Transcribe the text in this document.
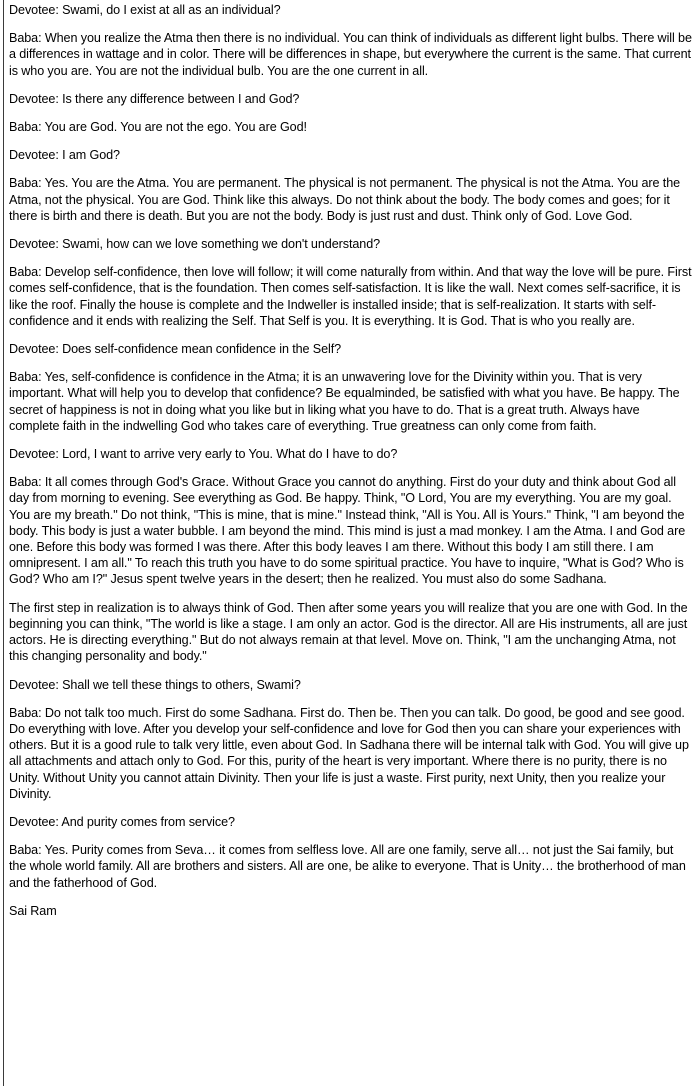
Devotee: Swami, do I exist at all as an individual?

Baba: When you realize the Atma then there is no individual. You can think of individuals as different light bulbs. There will be a differences in wattage and in color. There will be differences in shape, but everywhere the current is the same. That current is who you are. You are not the individual bulb. You are the one current in all.

Devotee: Is there any difference between I and God?

Baba: You are God. You are not the ego. You are God!

Devotee: I am God?

Baba: Yes. You are the Atma. You are permanent. The physical is not permanent. The physical is not the Atma. You are the Atma, not the physical. You are God. Think like this always. Do not think about the body. The body comes and goes; for it there is birth and there is death. But you are not the body. Body is just rust and dust. Think only of God. Love God.

Devotee: Swami, how can we love something we don't understand?

Baba: Develop self-confidence, then love will follow; it will come naturally from within. And that way the love will be pure. First comes self-confidence, that is the foundation. Then comes self-satisfaction. It is like the wall. Next comes self-sacrifice, it is like the roof. Finally the house is complete and the Indweller is installed inside; that is self-realization. It starts with self-confidence and it ends with realizing the Self. That Self is you. It is everything. It is God. That is who you really are.

Devotee: Does self-confidence mean confidence in the Self?

Baba: Yes, self-confidence is confidence in the Atma; it is an unwavering love for the Divinity within you. That is very important. What will help you to develop that confidence? Be equalminded, be satisfied with what you have. Be happy. The secret of happiness is not in doing what you like but in liking what you have to do. That is a great truth. Always have complete faith in the indwelling God who takes care of everything. True greatness can only come from faith.

Devotee: Lord, I want to arrive very early to You. What do I have to do?

Baba: It all comes through God's Grace. Without Grace you cannot do anything. First do your duty and think about God all day from morning to evening. See everything as God. Be happy. Think, "O Lord, You are my everything. You are my goal. You are my breath." Do not think, "This is mine, that is mine." Instead think, "All is You. All is Yours." Think, "I am beyond the body. This body is just a water bubble. I am beyond the mind. This mind is just a mad monkey. I am the Atma. I and God are one. Before this body was formed I was there. After this body leaves I am there. Without this body I am still there. I am omnipresent. I am all." To reach this truth you have to do some spiritual practice. You have to inquire, "What is God? Who is God? Who am I?" Jesus spent twelve years in the desert; then he realized. You must also do some Sadhana.

The first step in realization is to always think of God. Then after some years you will realize that you are one with God. In the beginning you can think, "The world is like a stage. I am only an actor. God is the director. All are His instruments, all are just actors. He is directing everything." But do not always remain at that level. Move on. Think, "I am the unchanging Atma, not this changing personality and body."

Devotee: Shall we tell these things to others, Swami?

Baba: Do not talk too much. First do some Sadhana. First do. Then be. Then you can talk. Do good, be good and see good. Do everything with love. After you develop your self-confidence and love for God then you can share your experiences with others. But it is a good rule to talk very little, even about God. In Sadhana there will be internal talk with God. You will give up all attachments and attach only to God. For this, purity of the heart is very important. Where there is no purity, there is no Unity. Without Unity you cannot attain Divinity. Then your life is just a waste. First purity, next Unity, then you realize your Divinity.

Devotee: And purity comes from service?

Baba: Yes. Purity comes from Seva… it comes from selfless love. All are one family, serve all… not just the Sai family, but the whole world family. All are brothers and sisters. All are one, be alike to everyone. That is Unity… the brotherhood of man and the fatherhood of God.

Sai Ram
